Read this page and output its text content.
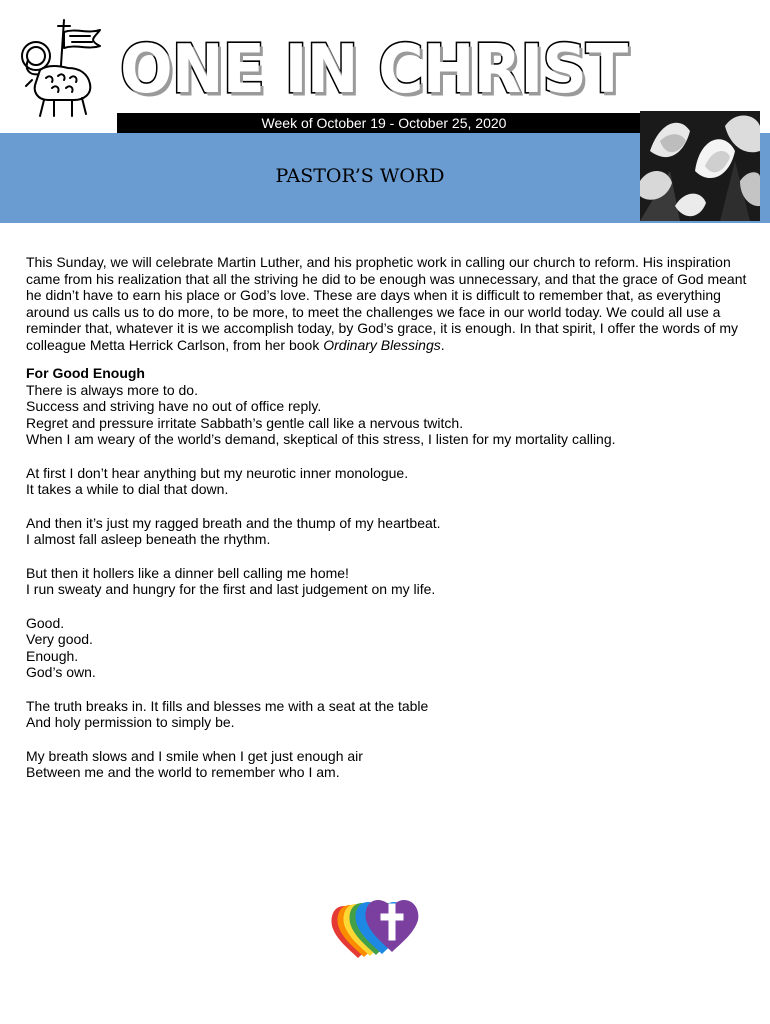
ONE IN CHRIST
Week of October 19 - October 25, 2020
PASTOR’S WORD

This Sunday, we will celebrate Martin Luther, and his prophetic work in calling our church to reform. His inspiration came from his realization that all the striving he did to be enough was unnecessary, and that the grace of God meant he didn’t have to earn his place or God’s love. These are days when it is difficult to remember that, as everything around us calls us to do more, to be more, to meet the challenges we face in our world today. We could all use a reminder that, whatever it is we accomplish today, by God’s grace, it is enough. In that spirit, I offer the words of my colleague Metta Herrick Carlson, from her book Ordinary Blessings.

For Good Enough

There is always more to do.
Success and striving have no out of office reply.
Regret and pressure irritate Sabbath’s gentle call like a nervous twitch.
When I am weary of the world’s demand, skeptical of this stress, I listen for my mortality calling.
At first I don’t hear anything but my neurotic inner monologue.
It takes a while to dial that down.
And then it’s just my ragged breath and the thump of my heartbeat.
I almost fall asleep beneath the rhythm.
But then it hollers like a dinner bell calling me home!
I run sweaty and hungry for the first and last judgement on my life.
Good.
Very good.
Enough.
God’s own.
The truth breaks in. It fills and blesses me with a seat at the table
And holy permission to simply be.
My breath slows and I smile when I get just enough air
Between me and the world to remember who I am.
